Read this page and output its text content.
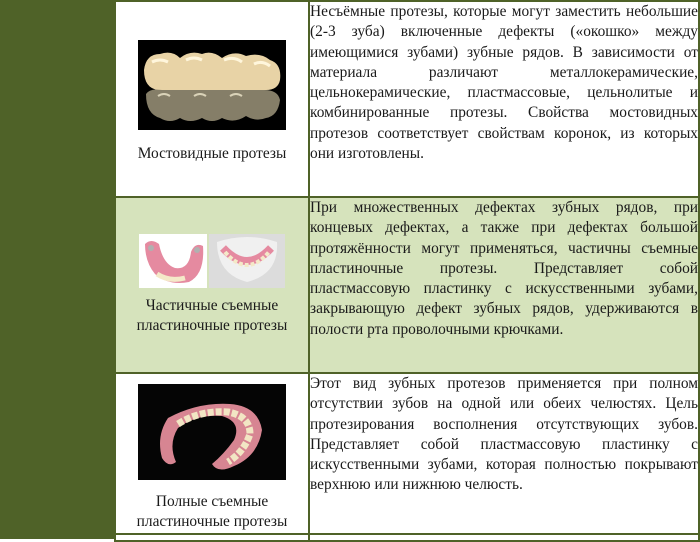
Мостовидные протезы	Несъёмные протезы, которые могут заместить небольшие (2-3 зуба) включенные дефекты («окошко» между имеющимися зубами) зубные рядов. В зависимости от материала различают металлокерамические, цельнокерамические, пластмассовые, цельнолитые и комбинированные протезы. Свойства мостовидных протезов соответствует свойствам коронок, из которых они изготовлены.

Частичные съемные пластиночные протезы	При множественных дефектах зубных рядов, при концевых дефектах, а также при дефектах большой протяжённости могут применяться, частичны съемные пластиночные протезы. Представляет собой пластмассовую пластинку с искусственными зубами, закрывающую дефект зубных рядов, удерживаются в полости рта проволочными крючками.

Полные съемные пластиночные протезы	Этот вид зубных протезов применяется при полном отсутствии зубов на одной или обеих челюстях. Цель протезирования восполнения отсутствующих зубов. Представляет собой пластмассовую пластинку с искусственными зубами, которая полностью покрывают верхнюю или нижнюю челюсть.
